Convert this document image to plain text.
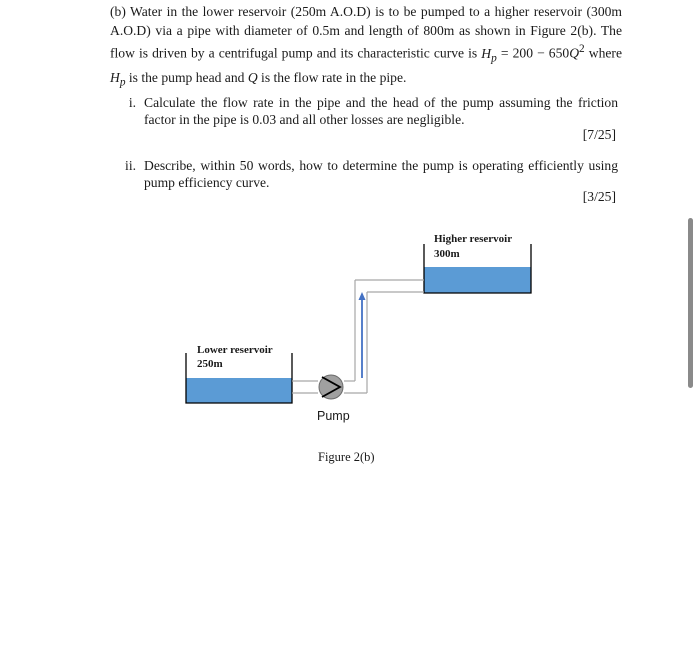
(b) Water in the lower reservoir (250m A.O.D) is to be pumped to a higher reservoir (300m A.O.D) via a pipe with diameter of 0.5m and length of 800m as shown in Figure 2(b). The flow is driven by a centrifugal pump and its characteristic curve is $H_p = 200 - 650Q^2$ where $H_p$ is the pump head and Q is the flow rate in the pipe.
i. Calculate the flow rate in the pipe and the head of the pump assuming the friction factor in the pipe is 0.03 and all other losses are negligible.
[7/25]
ii. Describe, within 50 words, how to determine the pump is operating efficiently using pump efficiency curve.
[3/25]
Higher reservoir
300m
Lower reservoir
250m
Pump
Figure 2(b)
